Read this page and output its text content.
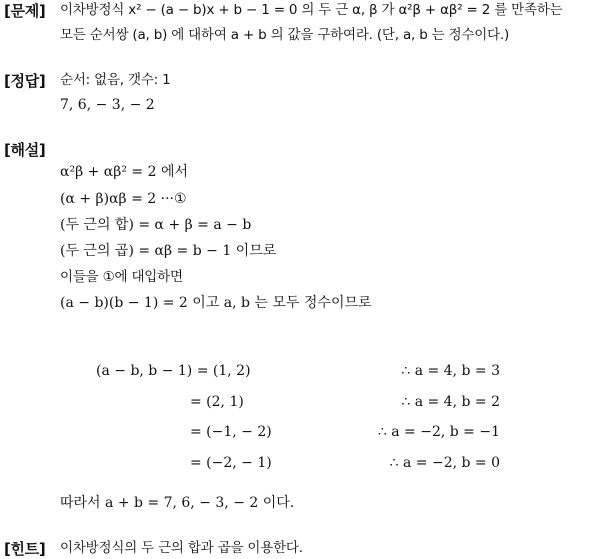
[문제] 이차방정식 x² − (a − b)x + b − 1 = 0 의 두 근 α, β 가 α²β + αβ² = 2 를 만족하는
모든 순서쌍 (a, b) 에 대하여 a + b 의 값을 구하여라. (단, a, b 는 정수이다.)
[정답] 순서: 없음, 갯수: 1
7, 6, − 3, − 2
[해설]
α²β + αβ² = 2 에서
(α + β)αβ = 2 ···①
(두 근의 합) = α + β = a − b
(두 근의 곱) = αβ = b − 1 이므로
이들을 ①에 대입하면
(a − b)(b − 1) = 2 이고 a, b 는 모두 정수이므로
(a − b, b − 1) = (1, 2)	∴ a = 4, b = 3
= (2, 1)	∴ a = 4, b = 2
= (−1, − 2)	∴ a = −2, b = −1
= (−2, − 1)	∴ a = −2, b = 0
따라서 a + b = 7, 6, − 3, − 2 이다.
[힌트] 이차방정식의 두 근의 합과 곱을 이용한다.
